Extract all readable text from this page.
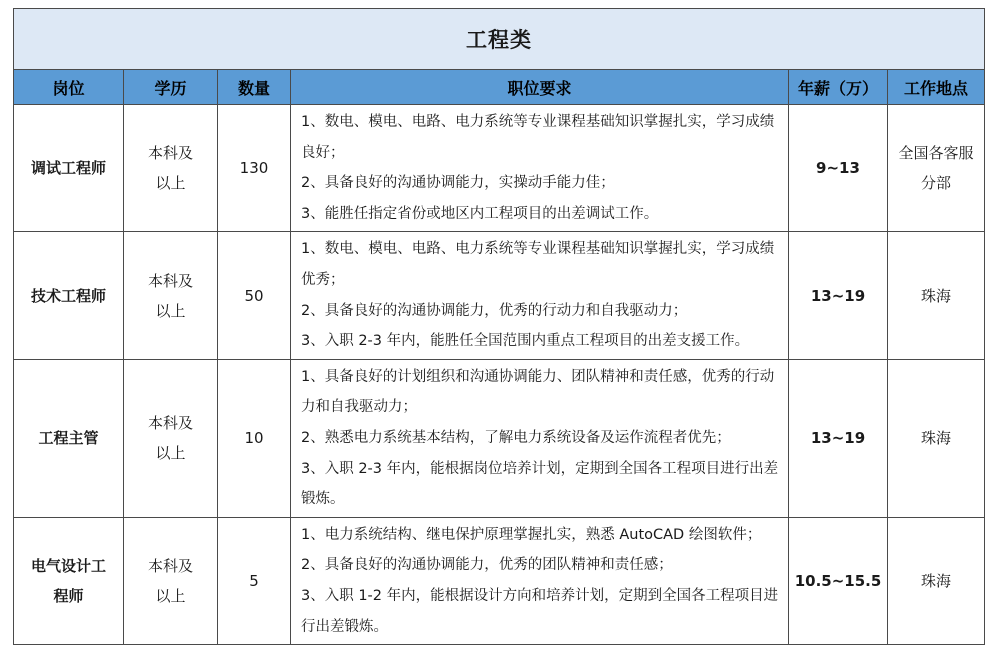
工程类					
岗位	学历	数量	职位要求	年薪（万）	工作地点
调试工程师	本科及以上	130	1、数电、模电、电路、电力系统等专业课程基础知识掌握扎实，学习成绩良好；
2、具备良好的沟通协调能力，实操动手能力佳；
3、能胜任指定省份或地区内工程项目的出差调试工作。	9~13	全国各客服分部

技术工程师	本科及以上	50	1、数电、模电、电路、电力系统等专业课程基础知识掌握扎实，学习成绩优秀；
2、具备良好的沟通协调能力，优秀的行动力和自我驱动力；
3、入职 2-3 年内，能胜任全国范围内重点工程项目的出差支援工作。	13~19	珠海
工程主管	本科及以上	10	1、具备良好的计划组织和沟通协调能力、团队精神和责任感，优秀的行动力和自我驱动力；
2、熟悉电力系统基本结构，了解电力系统设备及运作流程者优先；
3、入职 2-3 年内，能根据岗位培养计划，定期到全国各工程项目进行出差锻炼。	13~19	珠海

电气设计工程师	本科及以上	5	1、电力系统结构、继电保护原理掌握扎实，熟悉 AutoCAD 绘图软件；
2、具备良好的沟通协调能力，优秀的团队精神和责任感；
3、入职 1-2 年内，能根据设计方向和培养计划，定期到全国各工程项目进行出差锻炼。	10.5~15.5	珠海
